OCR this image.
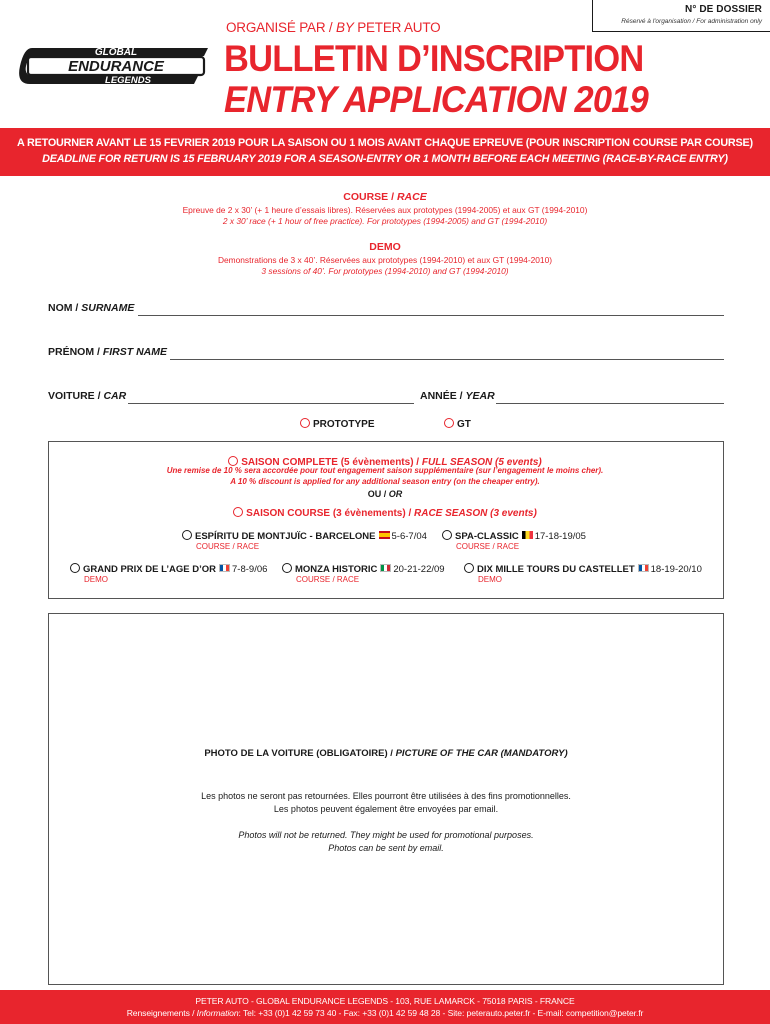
N° DE DOSSIER
Réservé à l'organisation / For administration only
GLOBAL
ENDURANCE
LEGENDS
ORGANISÉ PAR / BY PETER AUTO
BULLETIN D’INSCRIPTION
ENTRY APPLICATION 2019
A RETOURNER AVANT LE 15 FEVRIER 2019 POUR LA SAISON OU 1 MOIS AVANT CHAQUE EPREUVE (POUR INSCRIPTION COURSE PAR COURSE)
DEADLINE FOR RETURN IS 15 FEBRUARY 2019 FOR A SEASON-ENTRY OR 1 MONTH BEFORE EACH MEETING (RACE-BY-RACE ENTRY)
COURSE / RACE
Epreuve de 2 x 30’ (+ 1 heure d’essais libres). Réservées aux prototypes (1994-2005) et aux GT (1994-2010)
2 x 30’ race (+ 1 hour of free practice). For prototypes (1994-2005) and GT (1994-2010)
DEMO
Demonstrations de 3 x 40’. Réservées aux prototypes (1994-2010) et aux GT (1994-2010)
3 sessions of 40’. For prototypes (1994-2010) and GT (1994-2010)
NOM / SURNAME
PRÉNOM / FIRST NAME
VOITURE / CAR	ANNÉE / YEAR
PROTOTYPE	GT
SAISON COMPLETE (5 évènements) / FULL SEASON (5 events)
Une remise de 10 % sera accordée pour tout engagement saison supplémentaire (sur l’engagement le moins cher).
A 10 % discount is applied for any additional season entry (on the cheaper entry).
OU / OR
SAISON COURSE (3 évènements) / RACE SEASON (3 events)
ESPÍRITU DE MONTJUÏC - BARCELONE 5-6-7/04
COURSE / RACE
SPA-CLASSIC 17-18-19/05
COURSE / RACE
GRAND PRIX DE L’AGE D’OR 7-8-9/06
DEMO
MONZA HISTORIC 20-21-22/09
COURSE / RACE
DIX MILLE TOURS DU CASTELLET 18-19-20/10
DEMO
PHOTO DE LA VOITURE (OBLIGATOIRE) / PICTURE OF THE CAR (MANDATORY)
Les photos ne seront pas retournées. Elles pourront être utilisées à des fins promotionnelles.
Les photos peuvent également être envoyées par email.
Photos will not be returned. They might be used for promotional purposes.
Photos can be sent by email.
PETER AUTO - GLOBAL ENDURANCE LEGENDS - 103, RUE LAMARCK - 75018 PARIS - FRANCE
Renseignements / Information: Tel: +33 (0)1 42 59 73 40 - Fax: +33 (0)1 42 59 48 28 - Site: peterauto.peter.fr - E-mail: competition@peter.fr
